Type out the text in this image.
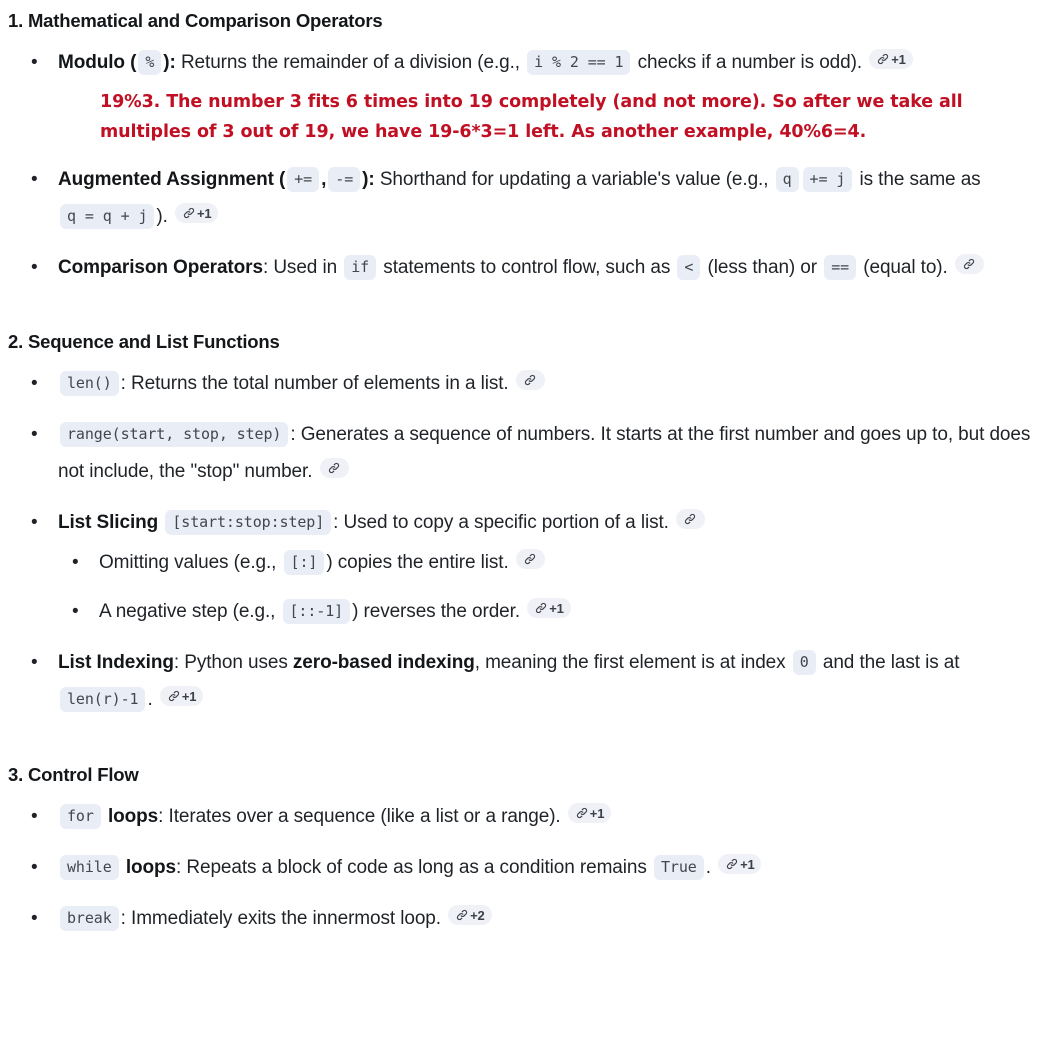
1. Mathematical and Comparison Operators
• Modulo ( % ): Returns the remainder of a division (e.g., i % 2 == 1 checks if a number is odd). +1
19%3. The number 3 fits 6 times into 19 completely (and not more). So after we take all
multiples of 3 out of 19, we have 19-6*3=1 left. As another example, 40%6=4.
• Augmented Assignment ( += , -= ): Shorthand for updating a variable's value (e.g., q += j is the same as q = q + j ). +1
• Comparison Operators: Used in if statements to control flow, such as < (less than) or == (equal to).
2. Sequence and List Functions
• len() : Returns the total number of elements in a list.
• range(start, stop, step) : Generates a sequence of numbers. It starts at the first number and goes up to, but does not include, the "stop" number.
• List Slicing [start:stop:step] : Used to copy a specific portion of a list.
• Omitting values (e.g., [:] ) copies the entire list.
• A negative step (e.g., [::-1] ) reverses the order. +1
• List Indexing: Python uses zero-based indexing, meaning the first element is at index 0 and the last is at len(r)-1 . +1
3. Control Flow
• for loops: Iterates over a sequence (like a list or a range). +1
• while loops: Repeats a block of code as long as a condition remains True . +1
• break : Immediately exits the innermost loop. +2
